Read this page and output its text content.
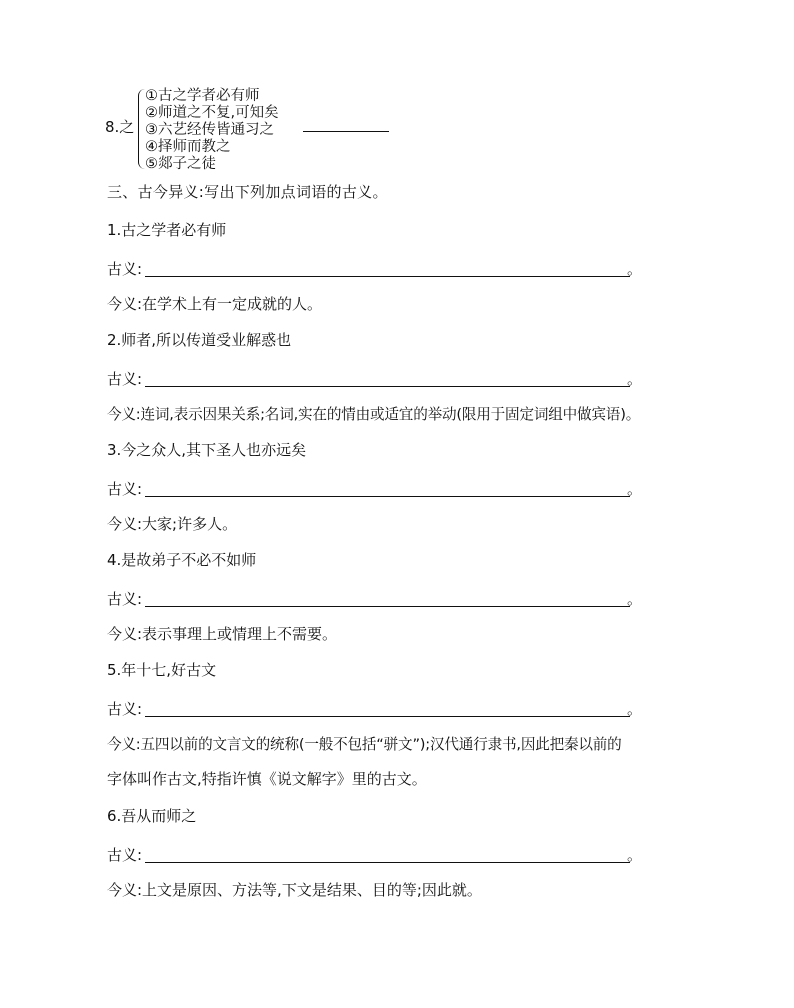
8.之
①古之学者必有师
②师道之不复,可知矣
③六艺经传皆通习之
④择师而教之
⑤郯子之徒
三、古今异义:写出下列加点词语的古义。
1.古之学者必有师
古义:	。
今义:在学术上有一定成就的人。
2.师者,所以传道受业解惑也
古义:	。
今义:连词,表示因果关系;名词,实在的情由或适宜的举动(限用于固定词组中做宾语)。
3.今之众人,其下圣人也亦远矣
古义:	。
今义:大家;许多人。
4.是故弟子不必不如师
古义:	。
今义:表示事理上或情理上不需要。
5.年十七,好古文
古义:	。
今义:五四以前的文言文的统称(一般不包括“骈文”);汉代通行隶书,因此把秦以前的
字体叫作古文,特指许慎《说文解字》里的古文。
6.吾从而师之
古义:	。
今义:上文是原因、方法等,下文是结果、目的等;因此就。
